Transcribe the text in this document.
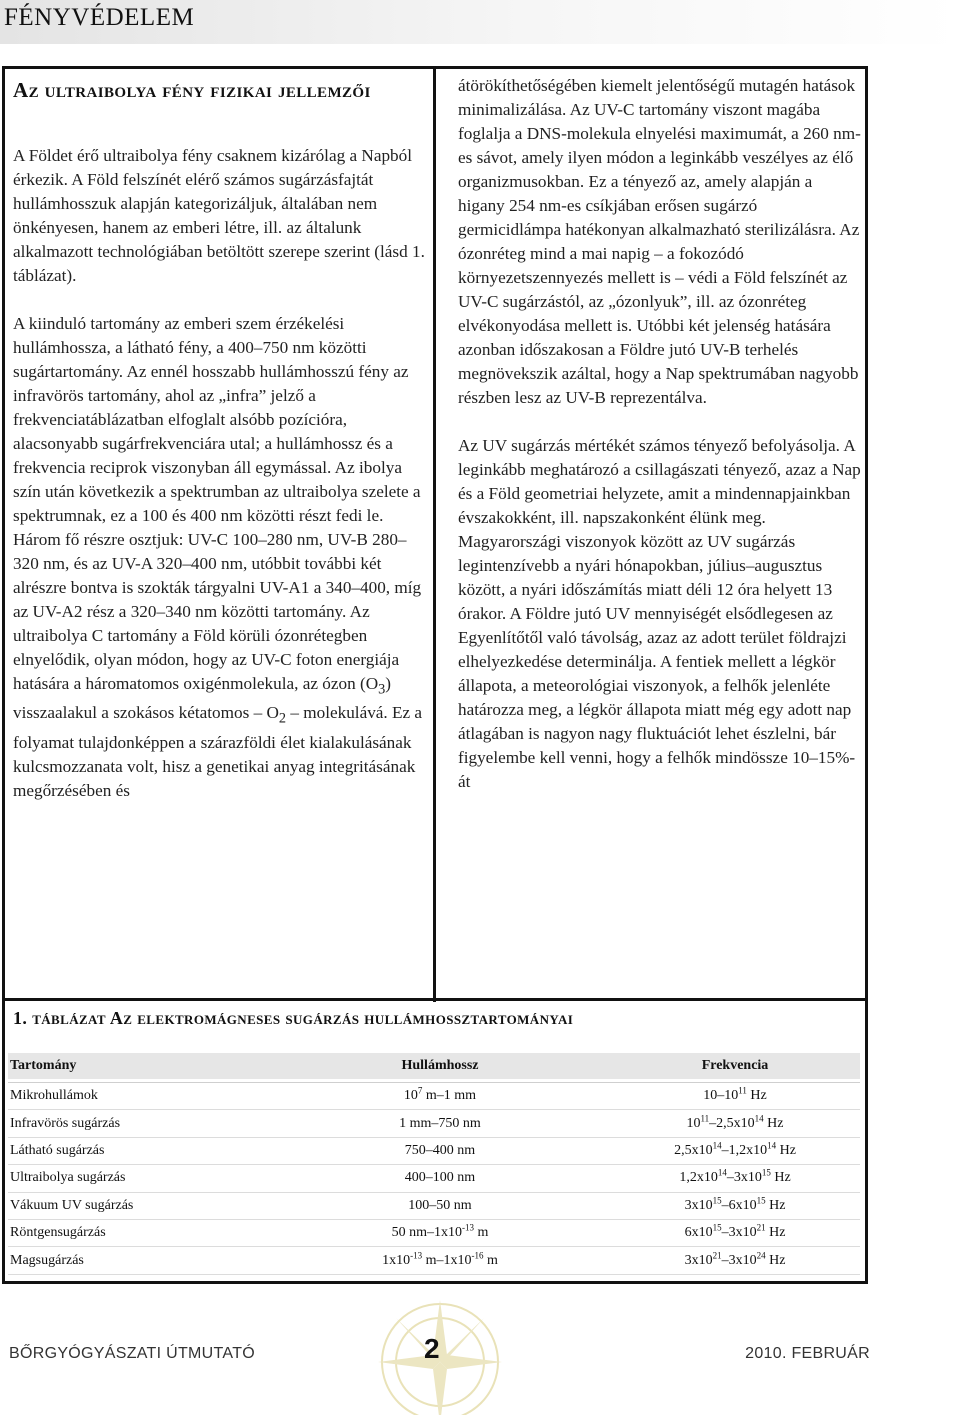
FÉNYVÉDELEM
Az ultraibolya fény fizikai jellemzői

A Földet érő ultraibolya fény csaknem kizárólag a Napból érkezik. A Föld felszínét elérő számos sugárzásfajtát hullámhosszuk alapján kategorizáljuk, általában nem önkényesen, hanem az emberi létre, ill. az általunk alkalmazott technológiában betöltött szerepe szerint (lásd 1. táblázat).

A kiinduló tartomány az emberi szem érzékelési hullámhossza, a látható fény, a 400–750 nm közötti sugártartomány. Az ennél hosszabb hullámhosszú fény az infravörös tartomány, ahol az „infra” jelző a frekvenciatáblázatban elfoglalt alsóbb pozícióra, alacsonyabb sugárfrekvenciára utal; a hullámhossz és a frekvencia reciprok viszonyban áll egymással. Az ibolya szín után következik a spektrumban az ultraibolya szelete a spektrumnak, ez a 100 és 400 nm közötti részt fedi le. Három fő részre osztjuk: UV-C 100–280 nm, UV-B 280–320 nm, és az UV-A 320–400 nm, utóbbit további két alrészre bontva is szokták tárgyalni UV-A1 a 340–400, míg az UV-A2 rész a 320–340 nm közötti tartomány. Az ultraibolya C tartomány a Föld körüli ózonrétegben elnyelődik, olyan módon, hogy az UV-C foton energiája hatására a háromatomos oxigénmolekula, az ózon $(O_3)$ visszaalakul a szokásos kétatomos – $O_2$ – molekulává. Ez a folyamat tulajdonképpen a szárazföldi élet kialakulásának kulcsmozzanata volt, hisz a genetikai anyag integritásának megőrzésében és

átörökíthetőségében kiemelt jelentőségű mutagén hatások minimalizálása. Az UV-C tartomány viszont magába foglalja a DNS-molekula elnyelési maximumát, a 260 nm-es sávot, amely ilyen módon a leginkább veszélyes az élő organizmusokban. Ez a tényező az, amely alapján a higany 254 nm-es csíkjában erősen sugárzó germicidlámpa hatékonyan alkalmazható sterilizálásra. Az ózonréteg mind a mai napig – a fokozódó környezetszennyezés mellett is – védi a Föld felszínét az UV-C sugárzástól, az „ózonlyuk”, ill. az ózonréteg elvékonyodása mellett is. Utóbbi két jelenség hatására azonban időszakosan a Földre jutó UV-B terhelés megnövekszik azáltal, hogy a Nap spektrumában nagyobb részben lesz az UV-B reprezentálva.

Az UV sugárzás mértékét számos tényező befolyásolja. A leginkább meghatározó a csillagászati tényező, azaz a Nap és a Föld geometriai helyzete, amit a mindennapjainkban évszakokként, ill. napszakonként élünk meg. Magyarországi viszonyok között az UV sugárzás legintenzívebb a nyári hónapokban, július–augusztus között, a nyári időszámítás miatt déli 12 óra helyett 13 órakor. A Földre jutó UV mennyiségét elsődlegesen az Egyenlítőtől való távolság, azaz az adott terület földrajzi elhelyezkedése determinálja. A fentiek mellett a légkör állapota, a meteorológiai viszonyok, a felhők jelenléte határozza meg, a légkör állapota miatt még egy adott nap átlagában is nagyon nagy fluktuációt lehet észlelni, bár figyelembe kell venni, hogy a felhők mindössze 10–15%-át

1. táblázat Az elektromágneses sugárzás hullámhossztartományai
Tartomány	Hullámhossz	Frekvencia
Mikrohullámok	$10^7$ m–1 mm	$10-10^{11}$ Hz
Infravörös sugárzás	1 mm–750 nm	$10^{11}-2,5x10^{14}$ Hz
Látható sugárzás	750–400 nm	$2,5x10^{14}-1,2x10^{14}$ Hz
Ultraibolya sugárzás	400–100 nm	$1,2x10^{14}-3x10^{15}$ Hz
Vákuum UV sugárzás	100–50 nm	$3x10^{15}-6x10^{15}$ Hz
Röntgensugárzás	50 $nm-1x10^{-13}$ m	$6x10^{15}-3x10^{21}$ Hz
Magsugárzás	$1x10^{-13}$ $m-1x10^{-16}$ m	$3x10^{21}-3x10^{24}$ Hz
BŐRGYÓGYÁSZATI ÚTMUTATÓ	2	2010. FEBRUÁR
